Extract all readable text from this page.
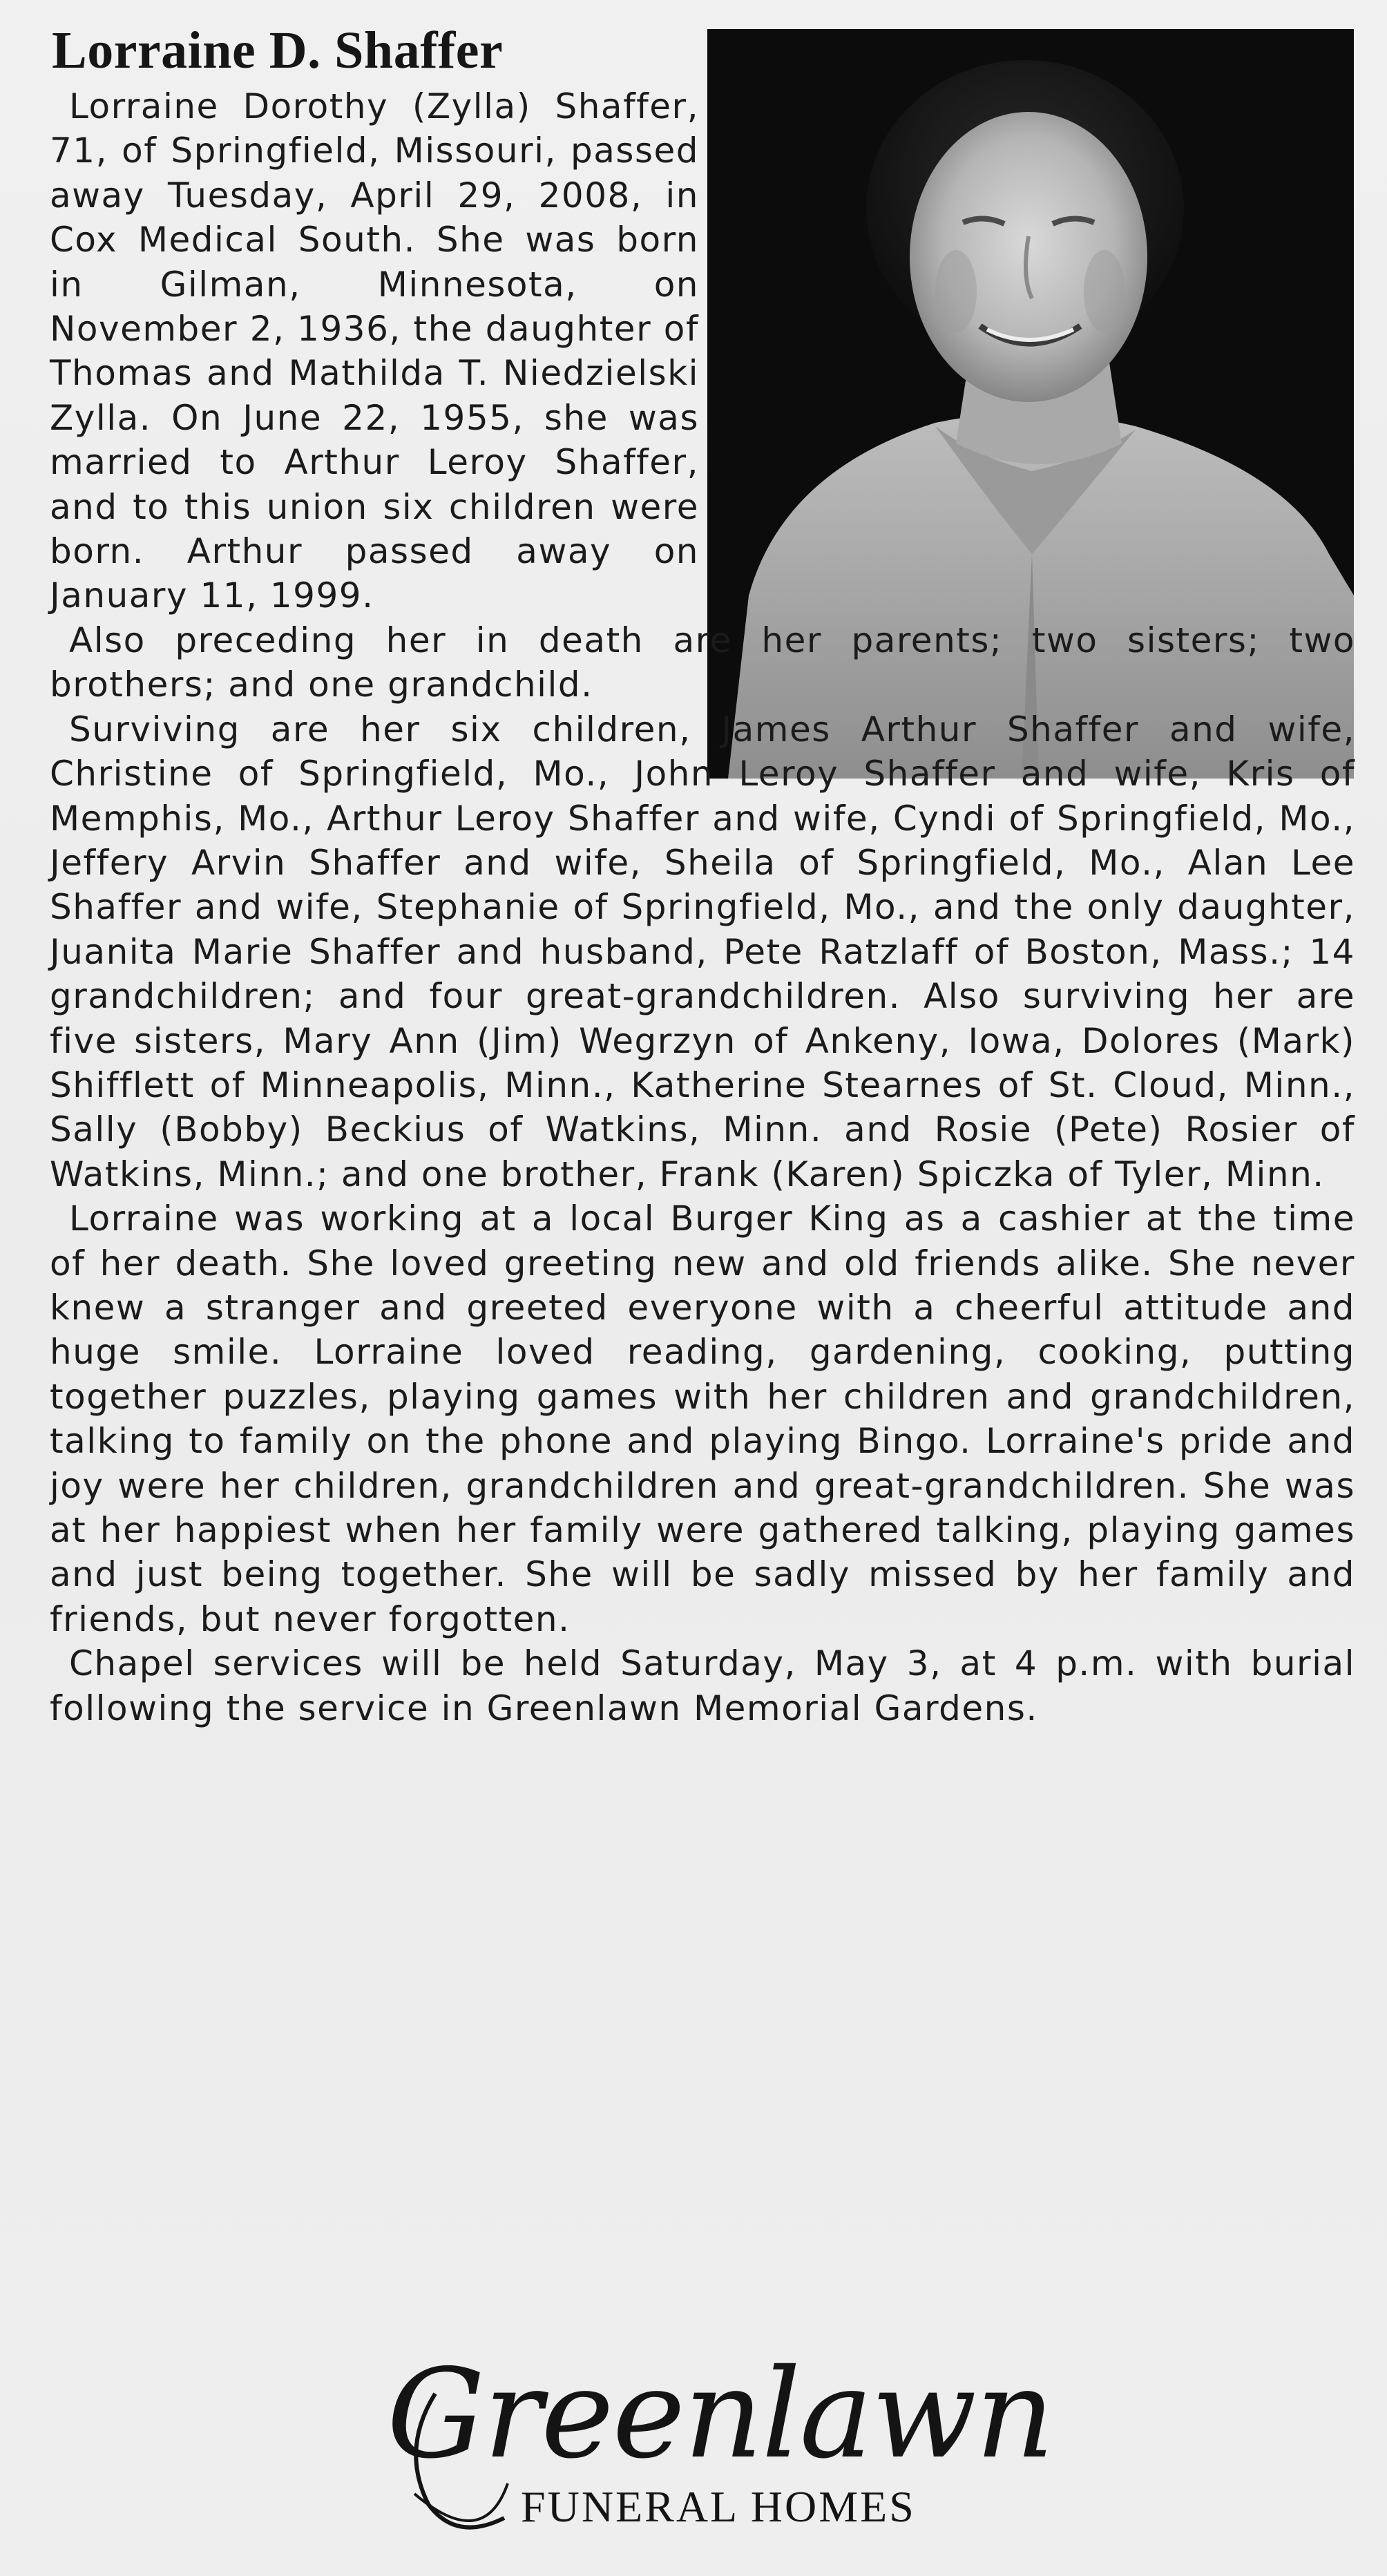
Lorraine D. Shaffer

Lorraine Dorothy (Zylla) Shaffer, 71, of Springfield, Missouri, passed away Tuesday, April 29, 2008, in Cox Medical South. She was born in Gilman, Minnesota, on November 2, 1936, the daughter of Thomas and Mathilda T. Niedzielski Zylla. On June 22, 1955, she was married to Arthur Leroy Shaffer, and to this union six children were born. Arthur passed away on January 11, 1999.

Also preceding her in death are her parents; two sisters; two brothers; and one grandchild.

Surviving are her six children, James Arthur Shaffer and wife, Christine of Springfield, Mo., John Leroy Shaffer and wife, Kris of Memphis, Mo., Arthur Leroy Shaffer and wife, Cyndi of Springfield, Mo., Jeffery Arvin Shaffer and wife, Sheila of Springfield, Mo., Alan Lee Shaffer and wife, Stephanie of Springfield, Mo., and the only daughter, Juanita Marie Shaffer and husband, Pete Ratzlaff of Boston, Mass.; 14 grandchildren; and four great-grandchildren. Also surviving her are five sisters, Mary Ann (Jim) Wegrzyn of Ankeny, Iowa, Dolores (Mark) Shifflett of Minneapolis, Minn., Katherine Stearnes of St. Cloud, Minn., Sally (Bobby) Beckius of Watkins, Minn. and Rosie (Pete) Rosier of Watkins, Minn.; and one brother, Frank (Karen) Spiczka of Tyler, Minn.

Lorraine was working at a local Burger King as a cashier at the time of her death. She loved greeting new and old friends alike. She never knew a stranger and greeted everyone with a cheerful attitude and huge smile. Lorraine loved reading, gardening, cooking, putting together puzzles, playing games with her children and grandchildren, talking to family on the phone and playing Bingo. Lorraine's pride and joy were her children, grandchildren and great-grandchildren. She was at her happiest when her family were gathered talking, playing games and just being together. She will be sadly missed by her family and friends, but never forgotten.

Chapel services will be held Saturday, May 3, at 4 p.m. with burial following the service in Greenlawn Memorial Gardens.

Greenlawn
FUNERAL HOMES
